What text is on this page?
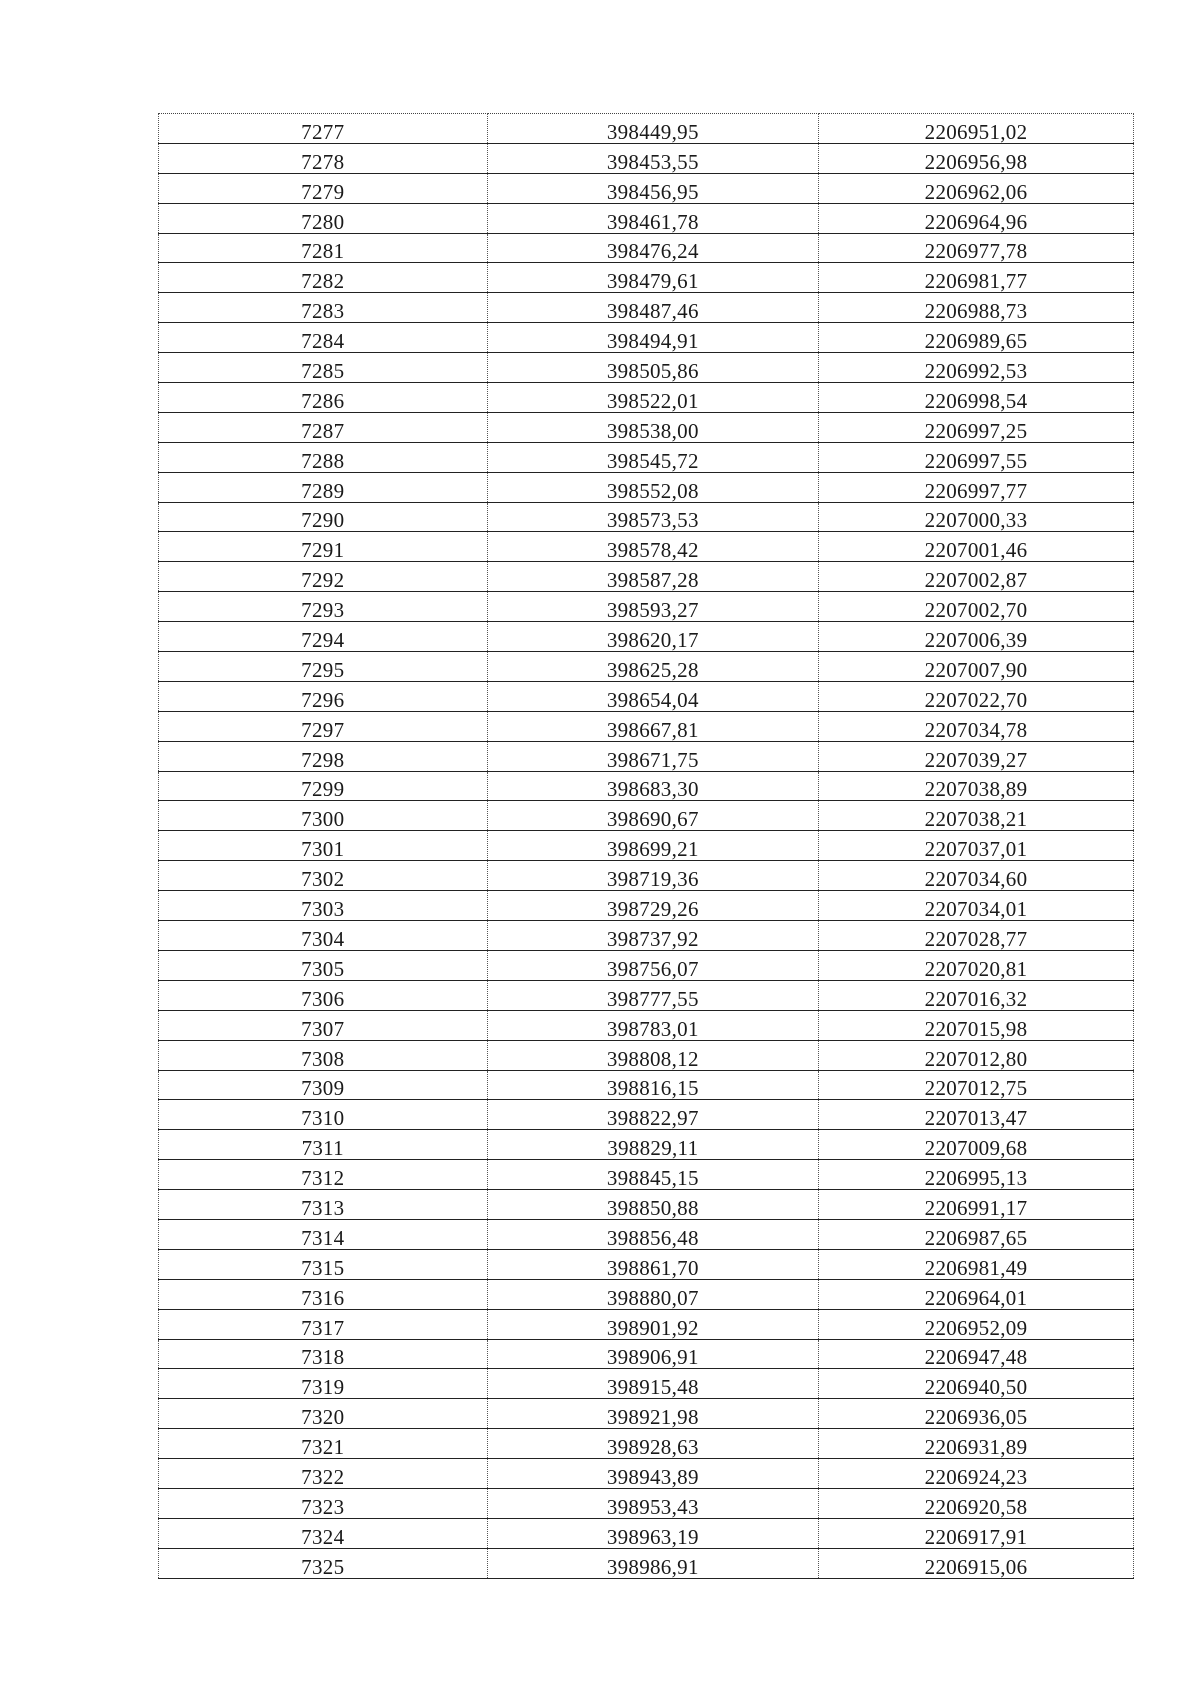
7277	398449,95	2206951,02
7278	398453,55	2206956,98
7279	398456,95	2206962,06
7280	398461,78	2206964,96
7281	398476,24	2206977,78
7282	398479,61	2206981,77
7283	398487,46	2206988,73
7284	398494,91	2206989,65
7285	398505,86	2206992,53
7286	398522,01	2206998,54
7287	398538,00	2206997,25
7288	398545,72	2206997,55
7289	398552,08	2206997,77
7290	398573,53	2207000,33
7291	398578,42	2207001,46
7292	398587,28	2207002,87
7293	398593,27	2207002,70
7294	398620,17	2207006,39
7295	398625,28	2207007,90
7296	398654,04	2207022,70
7297	398667,81	2207034,78
7298	398671,75	2207039,27
7299	398683,30	2207038,89
7300	398690,67	2207038,21
7301	398699,21	2207037,01
7302	398719,36	2207034,60
7303	398729,26	2207034,01
7304	398737,92	2207028,77
7305	398756,07	2207020,81
7306	398777,55	2207016,32
7307	398783,01	2207015,98
7308	398808,12	2207012,80
7309	398816,15	2207012,75
7310	398822,97	2207013,47
7311	398829,11	2207009,68
7312	398845,15	2206995,13
7313	398850,88	2206991,17
7314	398856,48	2206987,65
7315	398861,70	2206981,49
7316	398880,07	2206964,01
7317	398901,92	2206952,09
7318	398906,91	2206947,48
7319	398915,48	2206940,50
7320	398921,98	2206936,05
7321	398928,63	2206931,89
7322	398943,89	2206924,23
7323	398953,43	2206920,58
7324	398963,19	2206917,91
7325	398986,91	2206915,06
